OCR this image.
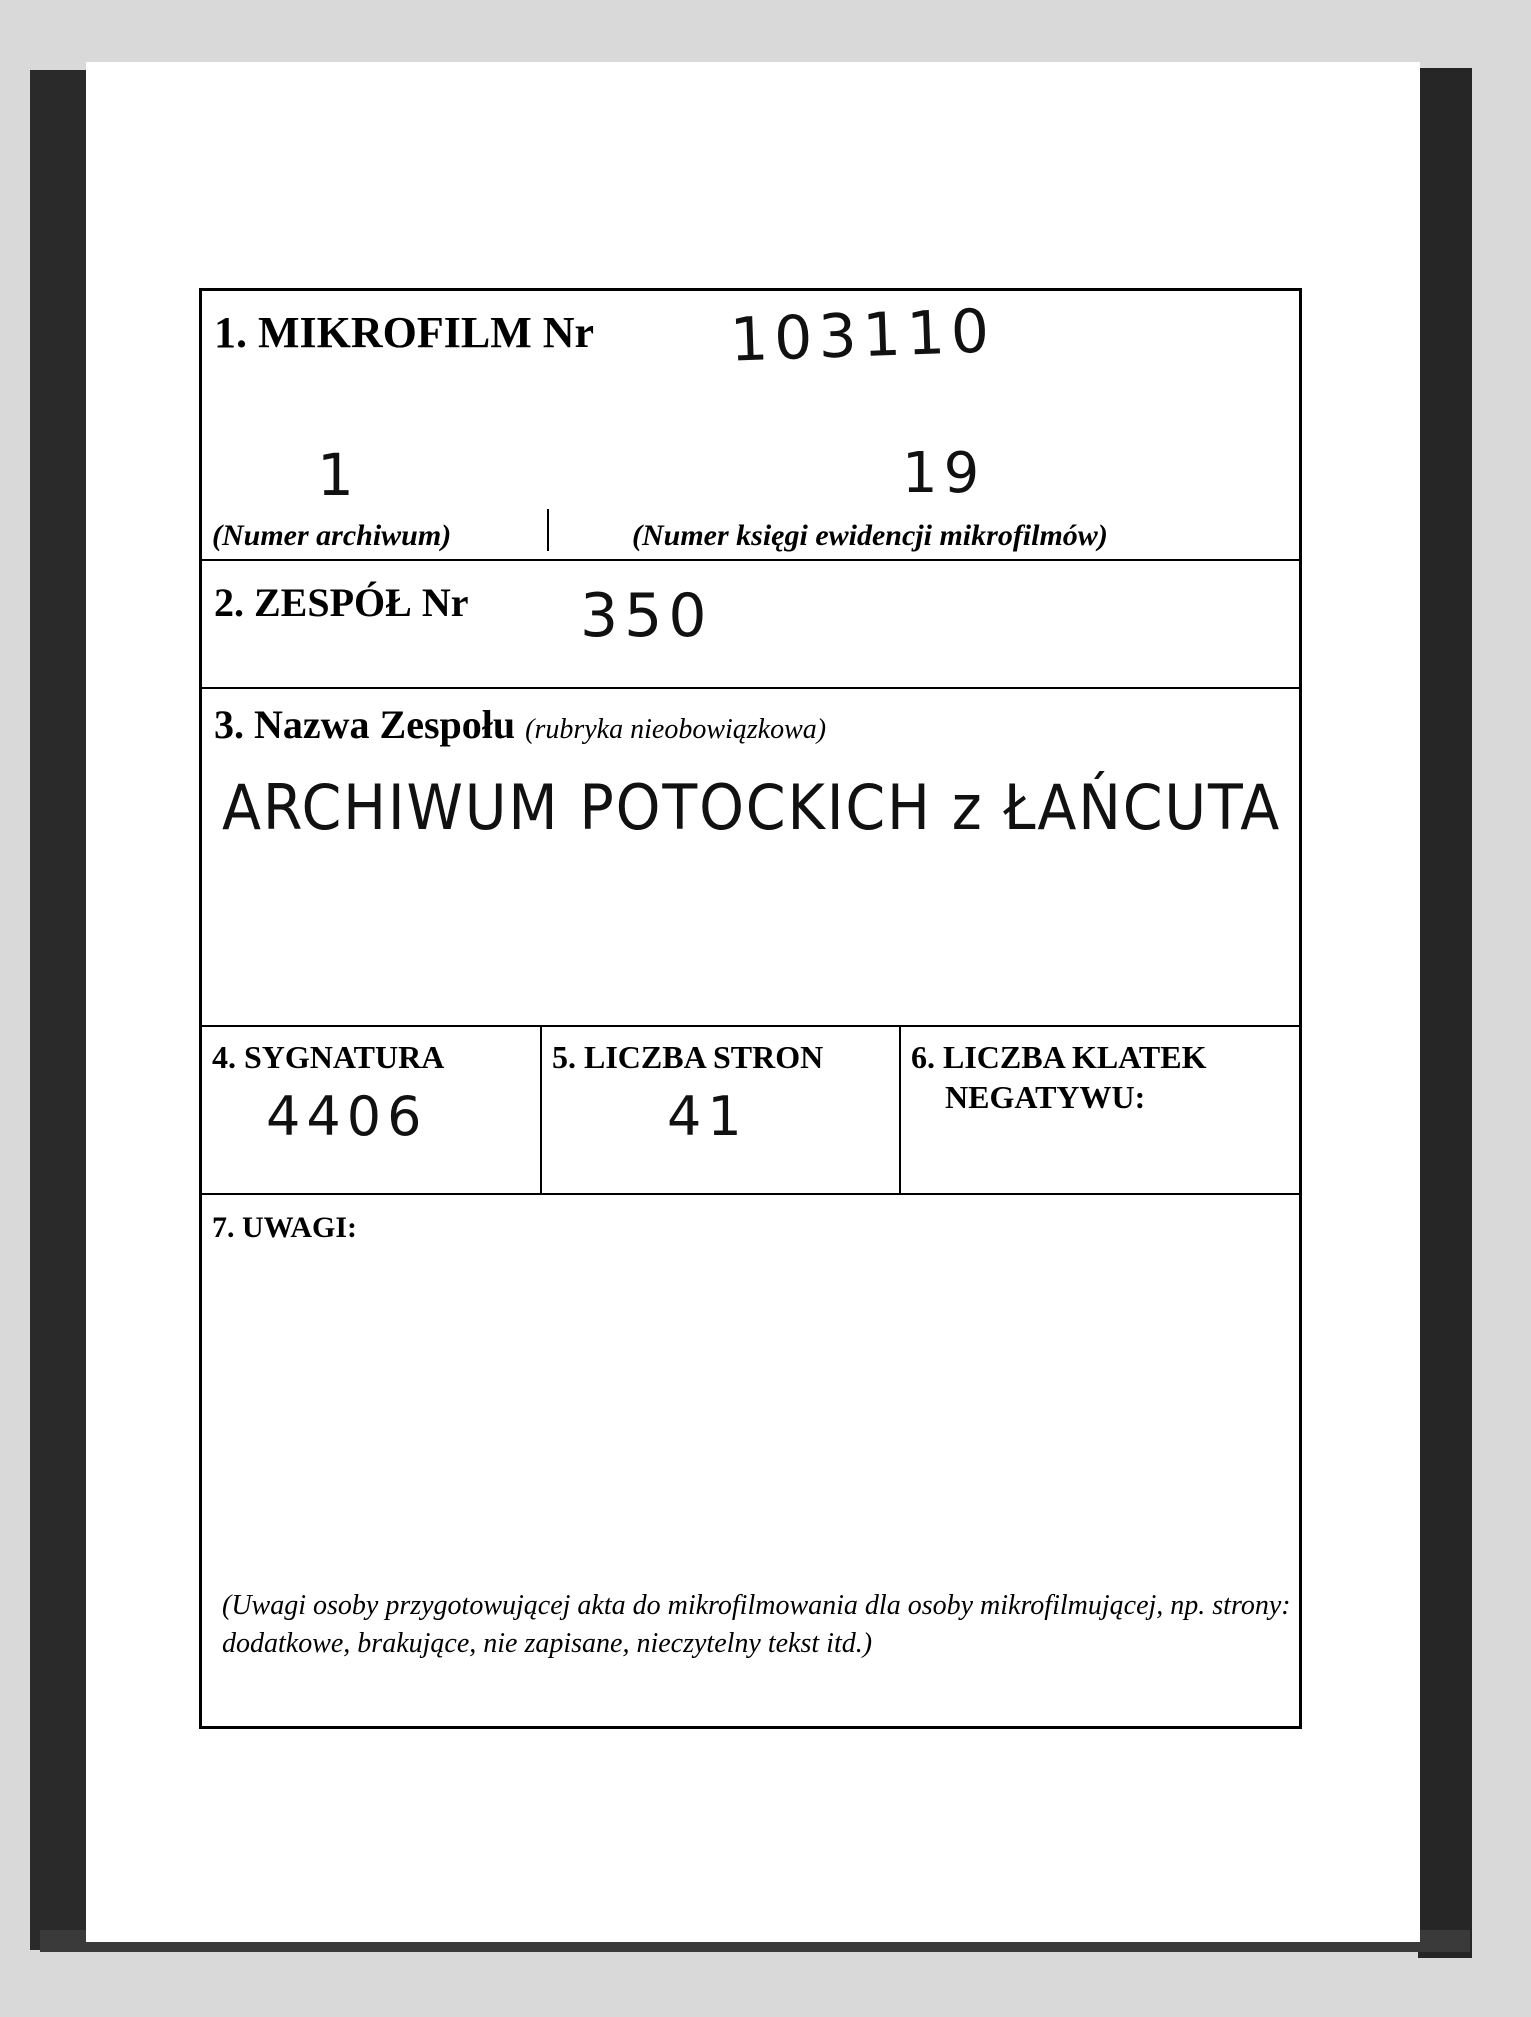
1. MIKROFILM Nr 103110
1	19
(Numer archiwum)	(Numer księgi ewidencji mikrofilmów)
2. ZESPÓŁ Nr 350
3. Nazwa Zespołu (rubryka nieobowiązkowa)
ARCHIWUM POTOCKICH z ŁAŃCUTA
4. SYGNATURA
4406
5. LICZBA STRON
41
6. LICZBA KLATEK
NEGATYWU:
7. UWAGI:
(Uwagi osoby przygotowującej akta do mikrofilmowania dla osoby mikrofilmującej, np. strony: dodatkowe, brakujące, nie zapisane, nieczytelny tekst itd.)
